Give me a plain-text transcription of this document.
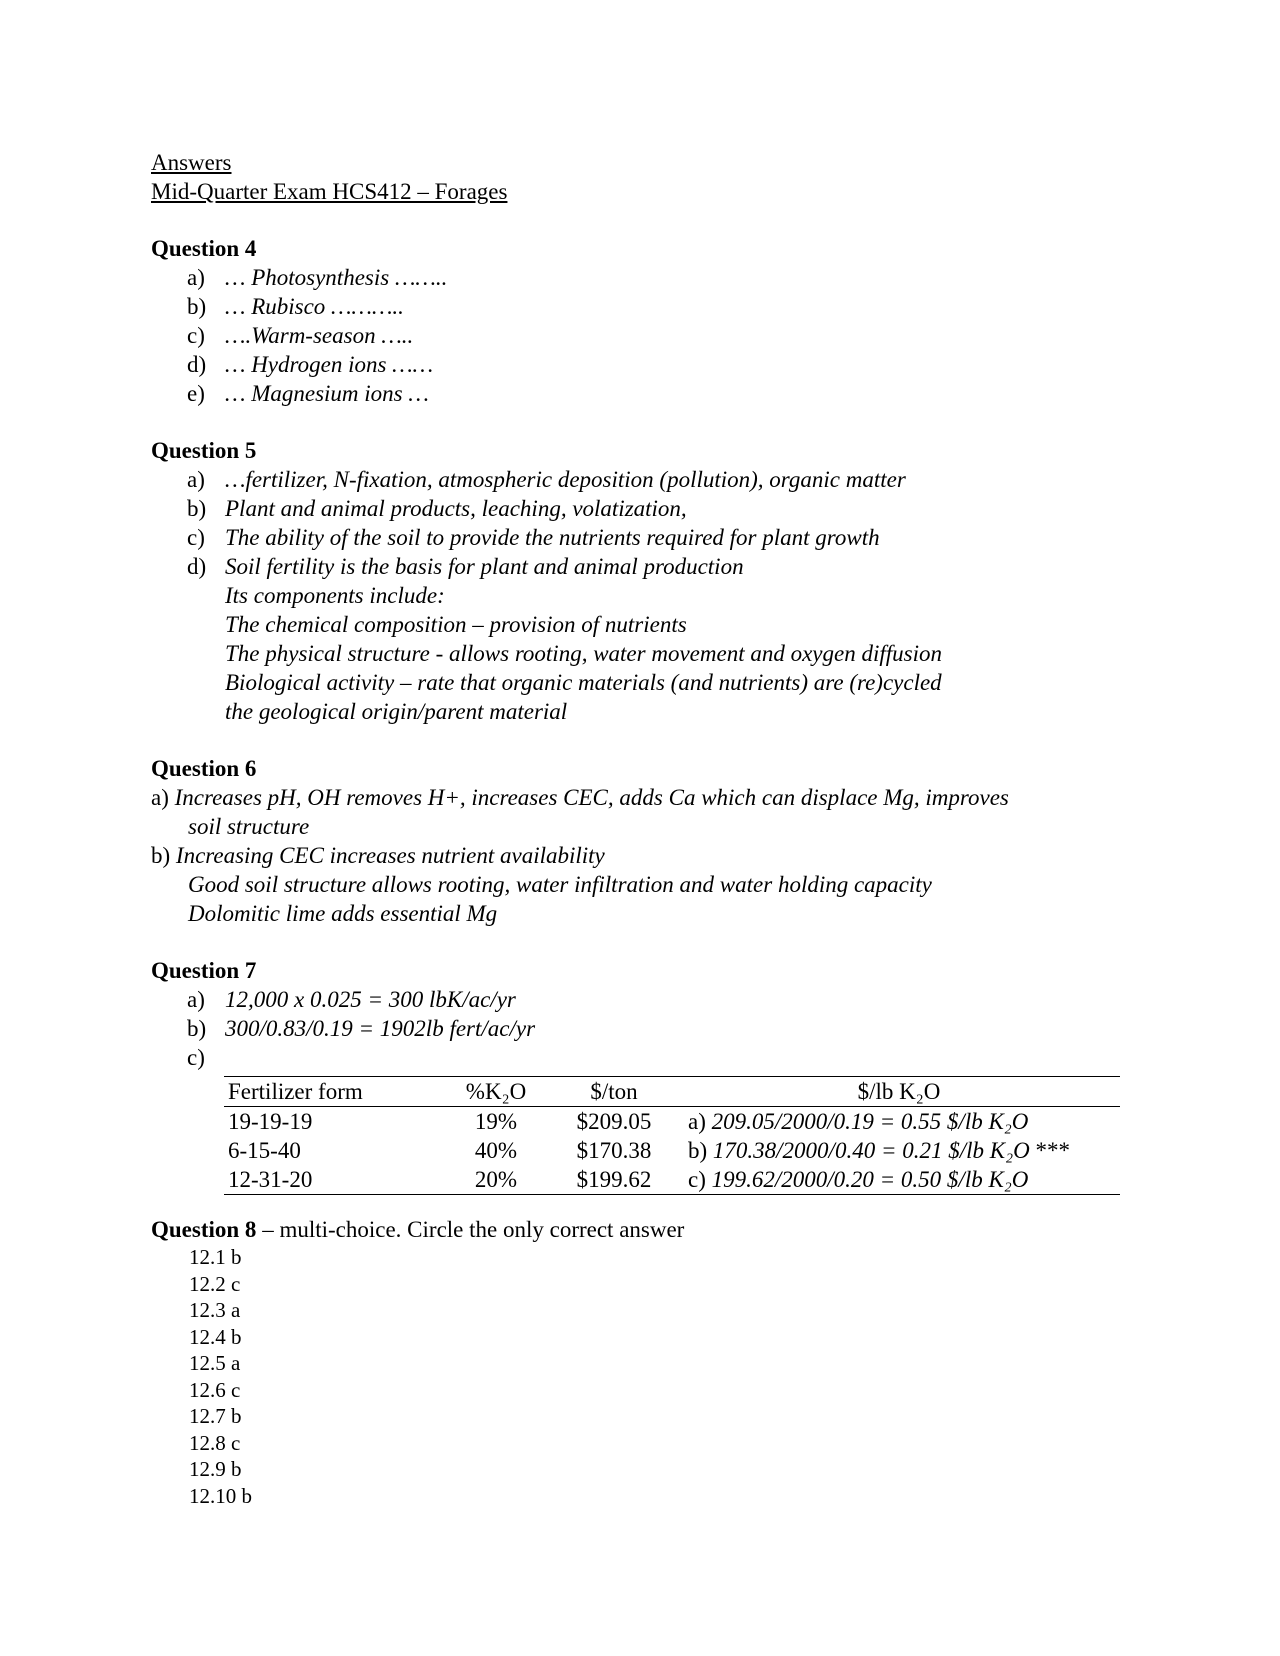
Answers
Mid-Quarter Exam HCS412 – Forages
Question 4
a) … Photosynthesis ……..
b) … Rubisco ………..
c) ….Warm-season …..
d) … Hydrogen ions ……
e) … Magnesium ions …
Question 5
a) …fertilizer, N-fixation, atmospheric deposition (pollution), organic matter
b) Plant and animal products, leaching, volatization,
c) The ability of the soil to provide the nutrients required for plant growth
d) Soil fertility is the basis for plant and animal production
Its components include:
The chemical composition – provision of nutrients
The physical structure - allows rooting, water movement and oxygen diffusion
Biological activity – rate that organic materials (and nutrients) are (re)cycled
the geological origin/parent material
Question 6
a) Increases pH, OH removes H+, increases CEC, adds Ca which can displace Mg, improves
soil structure
b) Increasing CEC increases nutrient availability
Good soil structure allows rooting, water infiltration and water holding capacity
Dolomitic lime adds essential Mg
Question 7
a) 12,000 x 0.025 = 300 lbK/ac/yr
b) 300/0.83/0.19 = 1902lb fert/ac/yr
c)
Fertilizer form	%K₂O	$/ton	$/lb K₂O
19-19-19	19%	$209.05	a) 209.05/2000/0.19 = 0.55 $/lb K₂O
6-15-40	40%	$170.38	b) 170.38/2000/0.40 = 0.21 $/lb K₂O ***
12-31-20	20%	$199.62	c) 199.62/2000/0.20 = 0.50 $/lb K₂O
Question 8 – multi-choice. Circle the only correct answer
12.1 b
12.2 c
12.3 a
12.4 b
12.5 a
12.6 c
12.7 b
12.8 c
12.9 b
12.10 b
